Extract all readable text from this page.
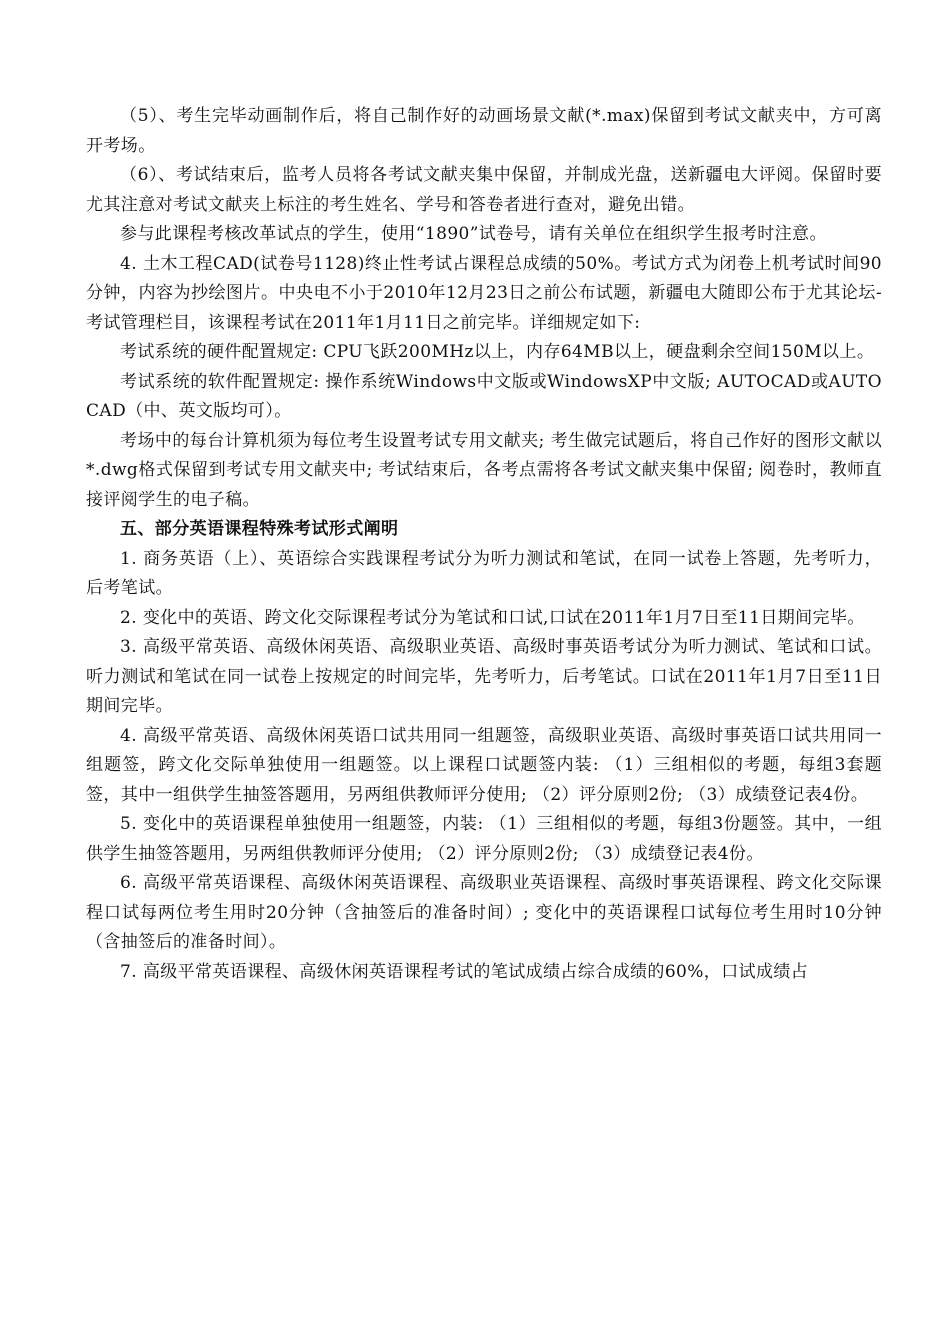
（5）、考生完毕动画制作后，将自己制作好的动画场景文献(*.max)保留到考试文献夹中，方可离开考场。

（6）、考试结束后，监考人员将各考试文献夹集中保留，并制成光盘，送新疆电大评阅。保留时要尤其注意对考试文献夹上标注的考生姓名、学号和答卷者进行查对，避免出错。

参与此课程考核改革试点的学生，使用“1890”试卷号，请有关单位在组织学生报考时注意。

4. 土木工程CAD(试卷号1128)终止性考试占课程总成绩的50%。考试方式为闭卷上机考试时间90分钟，内容为抄绘图片。中央电不小于2010年12月23日之前公布试题，新疆电大随即公布于尤其论坛-考试管理栏目，该课程考试在2011年1月11日之前完毕。详细规定如下:

考试系统的硬件配置规定: CPU飞跃200MHz以上，内存64MB以上，硬盘剩余空间150M以上。

考试系统的软件配置规定: 操作系统Windows中文版或WindowsXP中文版; AUTOCAD或AUTOCAD（中、英文版均可）。

考场中的每台计算机须为每位考生设置考试专用文献夹; 考生做完试题后，将自己作好的图形文献以*.dwg格式保留到考试专用文献夹中; 考试结束后，各考点需将各考试文献夹集中保留; 阅卷时，教师直接评阅学生的电子稿。

五、部分英语课程特殊考试形式阐明

1. 商务英语（上）、英语综合实践课程考试分为听力测试和笔试，在同一试卷上答题，先考听力，后考笔试。

2. 变化中的英语、跨文化交际课程考试分为笔试和口试,口试在2011年1月7日至11日期间完毕。

3. 高级平常英语、高级休闲英语、高级职业英语、高级时事英语考试分为听力测试、笔试和口试。听力测试和笔试在同一试卷上按规定的时间完毕，先考听力，后考笔试。口试在2011年1月7日至11日期间完毕。

4. 高级平常英语、高级休闲英语口试共用同一组题签，高级职业英语、高级时事英语口试共用同一组题签，跨文化交际单独使用一组题签。以上课程口试题签内装: （1）三组相似的考题，每组3套题签，其中一组供学生抽签答题用，另两组供教师评分使用; （2）评分原则2份; （3）成绩登记表4份。

5. 变化中的英语课程单独使用一组题签，内装: （1）三组相似的考题，每组3份题签。其中，一组供学生抽签答题用，另两组供教师评分使用; （2）评分原则2份; （3）成绩登记表4份。

6. 高级平常英语课程、高级休闲英语课程、高级职业英语课程、高级时事英语课程、跨文化交际课程口试每两位考生用时20分钟（含抽签后的准备时间）; 变化中的英语课程口试每位考生用时10分钟（含抽签后的准备时间）。

7. 高级平常英语课程、高级休闲英语课程考试的笔试成绩占综合成绩的60%，口试成绩占
